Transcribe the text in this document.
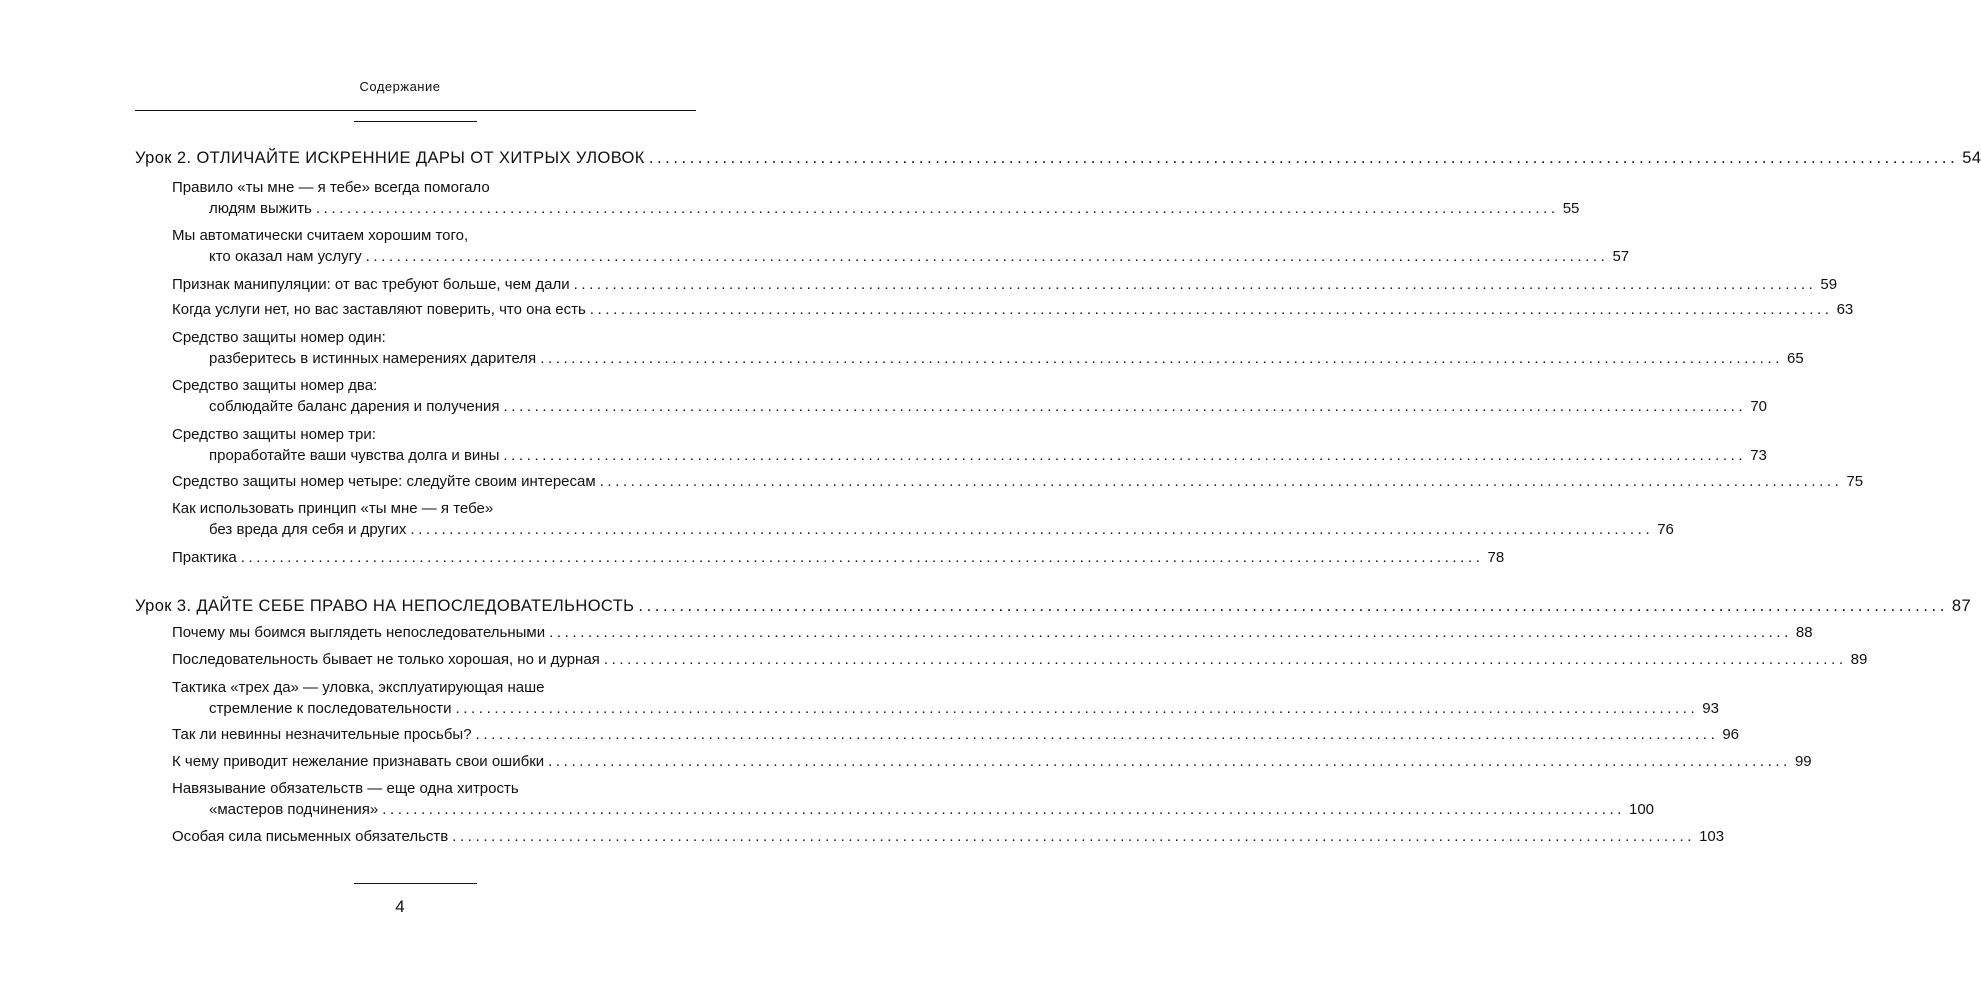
Содержание
Урок 2. ОТЛИЧАЙТЕ ИСКРЕННИЕ ДАРЫ ОТ ХИТРЫХ УЛОВОК ................................................................................................................................................................ 54
Правило «ты мне — я тебе» всегда помогало
людям выжить ................................................................................................................................................................ 55
Мы автоматически считаем хорошим того,
кто оказал нам услугу ................................................................................................................................................................ 57
Признак манипуляции: от вас требуют больше, чем дали ................................................................................................................................................................ 59
Когда услуги нет, но вас заставляют поверить, что она есть ................................................................................................................................................................ 63
Средство защиты номер один:
разберитесь в истинных намерениях дарителя ................................................................................................................................................................ 65
Средство защиты номер два:
соблюдайте баланс дарения и получения ................................................................................................................................................................ 70
Средство защиты номер три:
проработайте ваши чувства долга и вины ................................................................................................................................................................ 73
Средство защиты номер четыре: следуйте своим интересам ................................................................................................................................................................ 75
Как использовать принцип «ты мне — я тебе»
без вреда для себя и других ................................................................................................................................................................ 76
Практика ................................................................................................................................................................ 78
Урок 3. ДАЙТЕ СЕБЕ ПРАВО НА НЕПОСЛЕДОВАТЕЛЬНОСТЬ ................................................................................................................................................................ 87
Почему мы боимся выглядеть непоследовательными ................................................................................................................................................................ 88
Последовательность бывает не только хорошая, но и дурная ................................................................................................................................................................ 89
Тактика «трех да» — уловка, эксплуатирующая наше
стремление к последовательности ................................................................................................................................................................ 93
Так ли невинны незначительные просьбы? ................................................................................................................................................................ 96
К чему приводит нежелание признавать свои ошибки ................................................................................................................................................................ 99
Навязывание обязательств — еще одна хитрость
«мастеров подчинения» ................................................................................................................................................................ 100
Особая сила письменных обязательств ................................................................................................................................................................ 103
4
